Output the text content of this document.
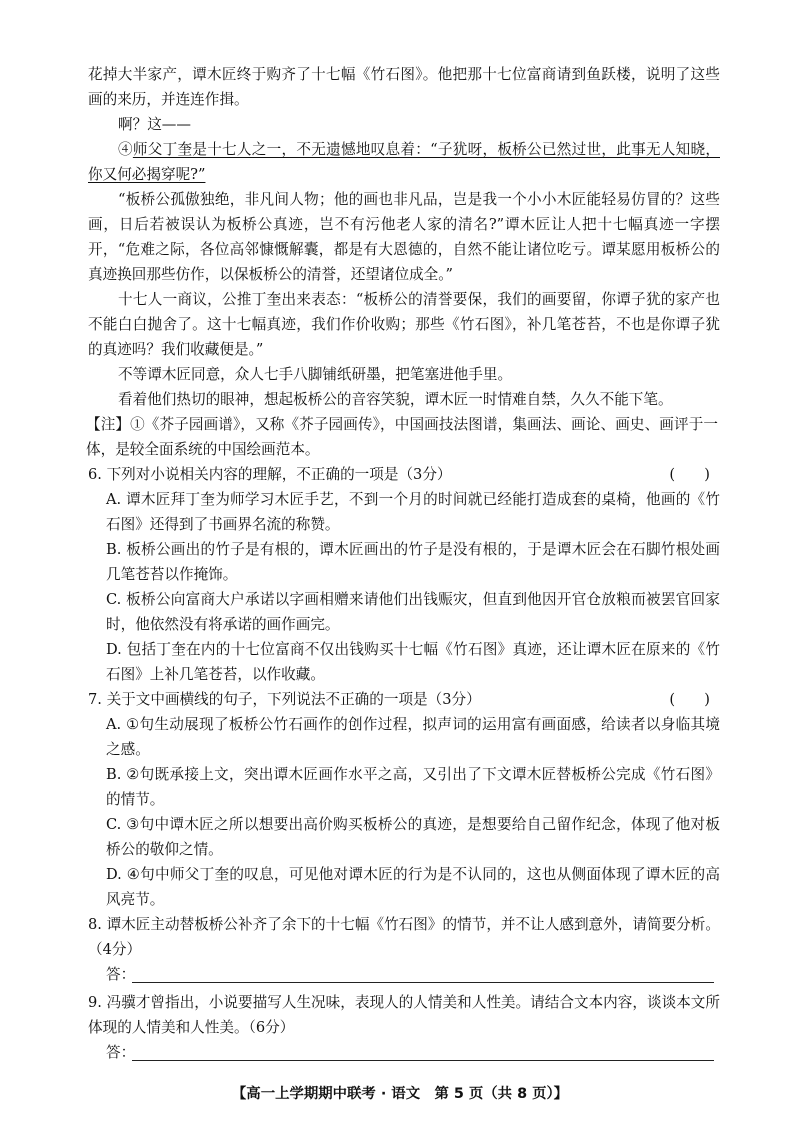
花掉大半家产，谭木匠终于购齐了十七幅《竹石图》。他把那十七位富商请到鱼跃楼，说明了这些画的来历，并连连作揖。
啊？这——
④师父丁奎是十七人之一，不无遗憾地叹息着：“子犹呀，板桥公已然过世，此事无人知晓，你又何必揭穿呢?”
“板桥公孤傲独绝，非凡间人物；他的画也非凡品，岂是我一个小小木匠能轻易仿冒的？这些画，日后若被误认为板桥公真迹，岂不有污他老人家的清名?”谭木匠让人把十七幅真迹一字摆开，“危难之际，各位高邻慷慨解囊，都是有大恩德的，自然不能让诸位吃亏。谭某愿用板桥公的真迹换回那些仿作，以保板桥公的清誉，还望诸位成全。”
十七人一商议，公推丁奎出来表态：“板桥公的清誉要保，我们的画要留，你谭子犹的家产也不能白白抛舍了。这十七幅真迹，我们作价收购；那些《竹石图》，补几笔苍苔，不也是你谭子犹的真迹吗？我们收藏便是。”
不等谭木匠同意，众人七手八脚铺纸研墨，把笔塞进他手里。
看着他们热切的眼神，想起板桥公的音容笑貌，谭木匠一时情难自禁，久久不能下笔。
【注】①《芥子园画谱》，又称《芥子园画传》，中国画技法图谱，集画法、画论、画史、画评于一体，是较全面系统的中国绘画范本。
6. 下列对小说相关内容的理解，不正确的一项是（3分）	(　　)
A. 谭木匠拜丁奎为师学习木匠手艺，不到一个月的时间就已经能打造成套的桌椅，他画的《竹石图》还得到了书画界名流的称赞。
B. 板桥公画出的竹子是有根的，谭木匠画出的竹子是没有根的，于是谭木匠会在石脚竹根处画几笔苍苔以作掩饰。
C. 板桥公向富商大户承诺以字画相赠来请他们出钱赈灾，但直到他因开官仓放粮而被罢官回家时，他依然没有将承诺的画作画完。
D. 包括丁奎在内的十七位富商不仅出钱购买十七幅《竹石图》真迹，还让谭木匠在原来的《竹石图》上补几笔苍苔，以作收藏。
7. 关于文中画横线的句子，下列说法不正确的一项是（3分）	(　　)
A. ①句生动展现了板桥公竹石画作的创作过程，拟声词的运用富有画面感，给读者以身临其境之感。
B. ②句既承接上文，突出谭木匠画作水平之高，又引出了下文谭木匠替板桥公完成《竹石图》的情节。
C. ③句中谭木匠之所以想要出高价购买板桥公的真迹，是想要给自己留作纪念，体现了他对板桥公的敬仰之情。
D. ④句中师父丁奎的叹息，可见他对谭木匠的行为是不认同的，这也从侧面体现了谭木匠的高风亮节。
8. 谭木匠主动替板桥公补齐了余下的十七幅《竹石图》的情节，并不让人感到意外，请简要分析。（4分）
答：
9. 冯骥才曾指出，小说要描写人生况味，表现人的人情美和人性美。请结合文本内容，谈谈本文所体现的人情美和人性美。（6分）
答：
【高一上学期期中联考 · 语文　第 5 页（共 8 页）】
